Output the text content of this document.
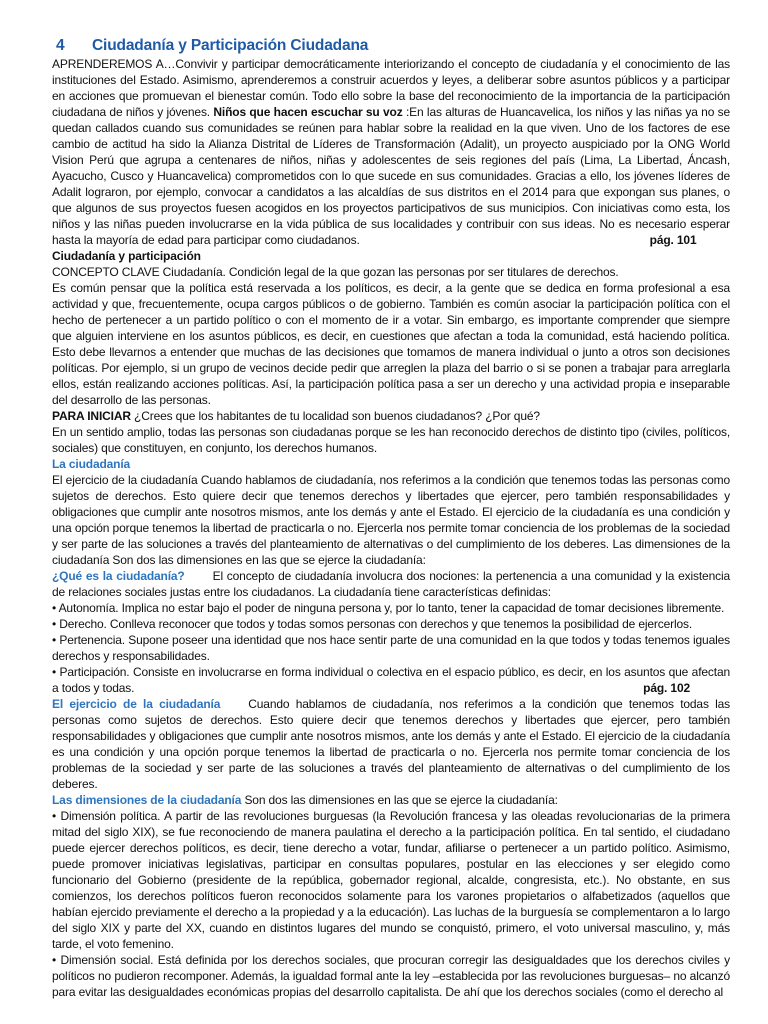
4 Ciudadanía y Participación Ciudadana

APRENDEREMOS A…Convivir y participar democráticamente interiorizando el concepto de ciudadanía y el conocimiento de las instituciones del Estado. Asimismo, aprenderemos a construir acuerdos y leyes, a deliberar sobre asuntos públicos y a participar en acciones que promuevan el bienestar común. Todo ello sobre la base del reconocimiento de la importancia de la participación ciudadana de niños y jóvenes. Niños que hacen escuchar su voz :En las alturas de Huancavelica, los niños y las niñas ya no se quedan callados cuando sus comunidades se reúnen para hablar sobre la realidad en la que viven. Uno de los factores de ese cambio de actitud ha sido la Alianza Distrital de Líderes de Transformación (Adalit), un proyecto auspiciado por la ONG World Vision Perú que agrupa a centenares de niños, niñas y adolescentes de seis regiones del país (Lima, La Libertad, Áncash, Ayacucho, Cusco y Huancavelica) comprometidos con lo que sucede en sus comunidades. Gracias a ello, los jóvenes líderes de Adalit lograron, por ejemplo, convocar a candidatos a las alcaldías de sus distritos en el 2014 para que expongan sus planes, o que algunos de sus proyectos fuesen acogidos en los proyectos participativos de sus municipios. Con iniciativas como esta, los niños y las niñas pueden involucrarse en la vida pública de sus localidades y contribuir con sus ideas. No es necesario esperar hasta la mayoría de edad para participar como ciudadanos.	pág. 101

Ciudadanía y participación

CONCEPTO CLAVE Ciudadanía. Condición legal de la que gozan las personas por ser titulares de derechos.

Es común pensar que la política está reservada a los políticos, es decir, a la gente que se dedica en forma profesional a esa actividad y que, frecuentemente, ocupa cargos públicos o de gobierno. También es común asociar la participación política con el hecho de pertenecer a un partido político o con el momento de ir a votar. Sin embargo, es importante comprender que siempre que alguien interviene en los asuntos públicos, es decir, en cuestiones que afectan a toda la comunidad, está haciendo política. Esto debe llevarnos a entender que muchas de las decisiones que tomamos de manera individual o junto a otros son decisiones políticas. Por ejemplo, si un grupo de vecinos decide pedir que arreglen la plaza del barrio o si se ponen a trabajar para arreglarla ellos, están realizando acciones políticas. Así, la participación política pasa a ser un derecho y una actividad propia e inseparable del desarrollo de las personas.

PARA INICIAR ¿Crees que los habitantes de tu localidad son buenos ciudadanos? ¿Por qué?

En un sentido amplio, todas las personas son ciudadanas porque se les han reconocido derechos de distinto tipo (civiles, políticos, sociales) que constituyen, en conjunto, los derechos humanos.

La ciudadanía

El ejercicio de la ciudadanía Cuando hablamos de ciudadanía, nos referimos a la condición que tenemos todas las personas como sujetos de derechos. Esto quiere decir que tenemos derechos y libertades que ejercer, pero también responsabilidades y obligaciones que cumplir ante nosotros mismos, ante los demás y ante el Estado. El ejercicio de la ciudadanía es una condición y una opción porque tenemos la libertad de practicarla o no. Ejercerla nos permite tomar conciencia de los problemas de la sociedad y ser parte de las soluciones a través del planteamiento de alternativas o del cumplimiento de los deberes. Las dimensiones de la ciudadanía Son dos las dimensiones en las que se ejerce la ciudadanía:

¿Qué es la ciudadanía? El concepto de ciudadanía involucra dos nociones: la pertenencia a una comunidad y la existencia de relaciones sociales justas entre los ciudadanos. La ciudadanía tiene características definidas:

• Autonomía. Implica no estar bajo el poder de ninguna persona y, por lo tanto, tener la capacidad de tomar decisiones libremente.

• Derecho. Conlleva reconocer que todos y todas somos personas con derechos y que tenemos la posibilidad de ejercerlos.

• Pertenencia. Supone poseer una identidad que nos hace sentir parte de una comunidad en la que todos y todas tenemos iguales derechos y responsabilidades.

• Participación. Consiste en involucrarse en forma individual o colectiva en el espacio público, es decir, en los asuntos que afectan a todos y todas.	pág. 102

El ejercicio de la ciudadanía Cuando hablamos de ciudadanía, nos referimos a la condición que tenemos todas las personas como sujetos de derechos. Esto quiere decir que tenemos derechos y libertades que ejercer, pero también responsabilidades y obligaciones que cumplir ante nosotros mismos, ante los demás y ante el Estado. El ejercicio de la ciudadanía es una condición y una opción porque tenemos la libertad de practicarla o no. Ejercerla nos permite tomar conciencia de los problemas de la sociedad y ser parte de las soluciones a través del planteamiento de alternativas o del cumplimiento de los deberes.

Las dimensiones de la ciudadanía Son dos las dimensiones en las que se ejerce la ciudadanía:

• Dimensión política. A partir de las revoluciones burguesas (la Revolución francesa y las oleadas revolucionarias de la primera mitad del siglo XIX), se fue reconociendo de manera paulatina el derecho a la participación política. En tal sentido, el ciudadano puede ejercer derechos políticos, es decir, tiene derecho a votar, fundar, afiliarse o pertenecer a un partido político. Asimismo, puede promover iniciativas legislativas, participar en consultas populares, postular en las elecciones y ser elegido como funcionario del Gobierno (presidente de la república, gobernador regional, alcalde, congresista, etc.). No obstante, en sus comienzos, los derechos políticos fueron reconocidos solamente para los varones propietarios o alfabetizados (aquellos que habían ejercido previamente el derecho a la propiedad y a la educación). Las luchas de la burguesía se complementaron a lo largo del siglo XIX y parte del XX, cuando en distintos lugares del mundo se conquistó, primero, el voto universal masculino, y, más tarde, el voto femenino.

• Dimensión social. Está definida por los derechos sociales, que procuran corregir las desigualdades que los derechos civiles y políticos no pudieron recomponer. Además, la igualdad formal ante la ley –establecida por las revoluciones burguesas– no alcanzó para evitar las desigualdades económicas propias del desarrollo capitalista. De ahí que los derechos sociales (como el derecho al
